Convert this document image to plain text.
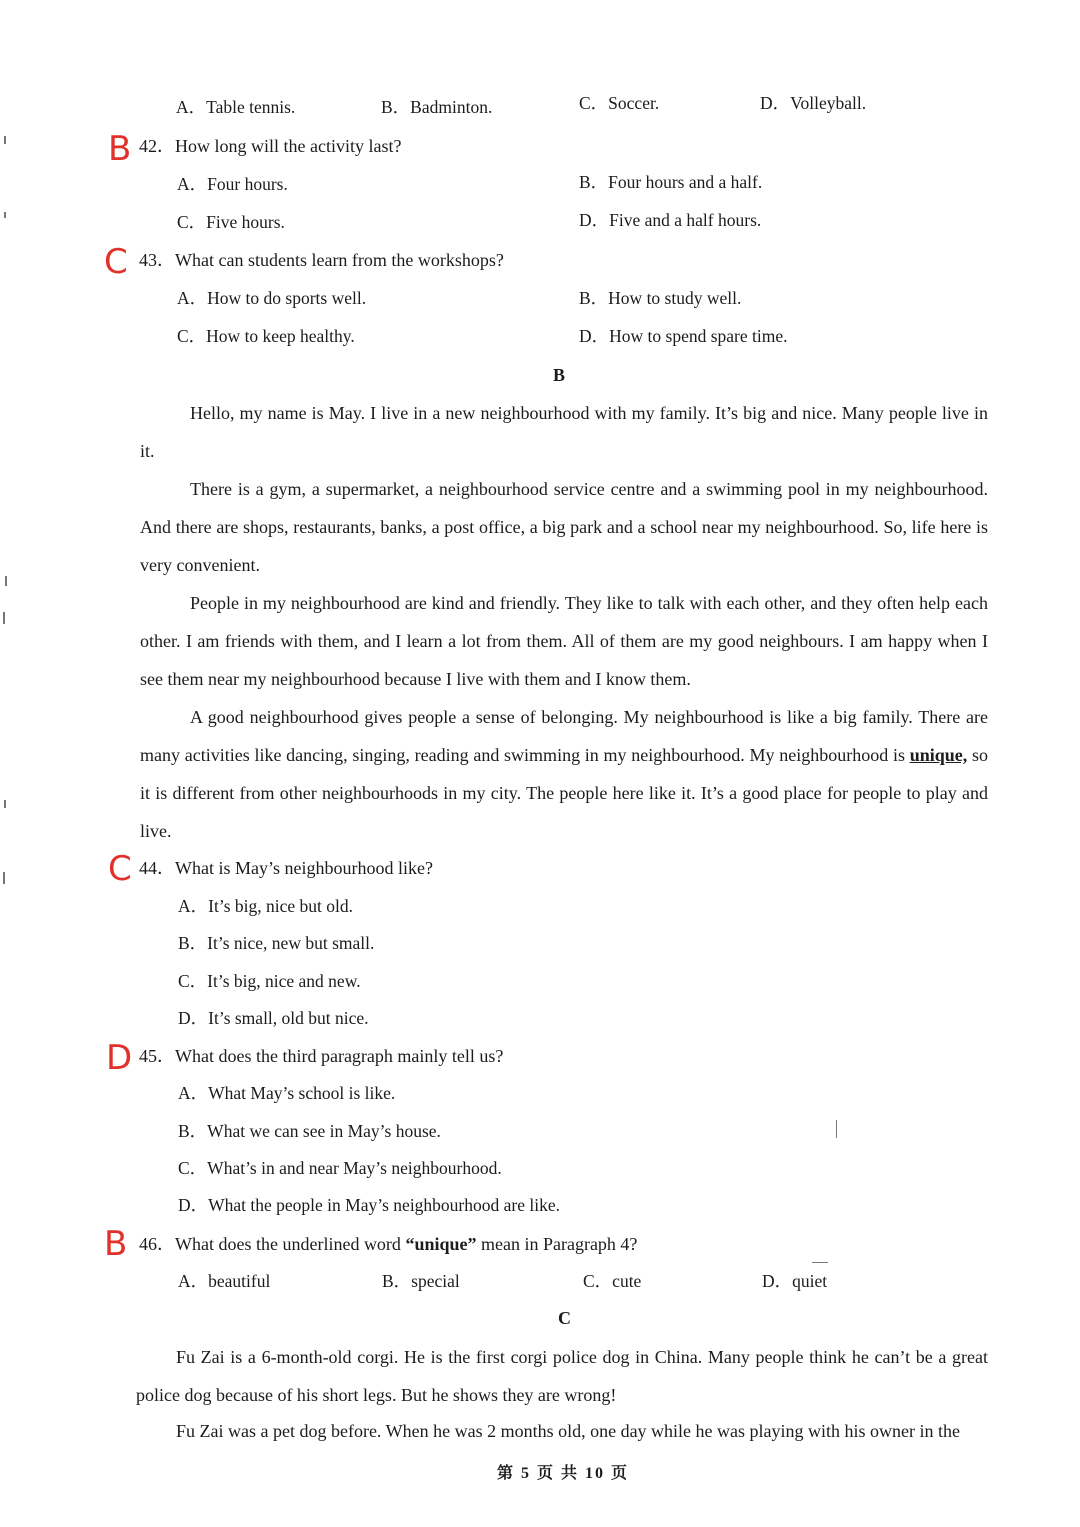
A．Table tennis.	B．Badminton.	C．Soccer.	D．Volleyball.
B 42．How long will the activity last?
A．Four hours.	B．Four hours and a half.
C．Five hours.	D．Five and a half hours.
C 43．What can students learn from the workshops?
A．How to do sports well.	B．How to study well.
C．How to keep healthy.	D．How to spend spare time.
B
Hello, my name is May. I live in a new neighbourhood with my family. It’s big and nice. Many people live in it.
There is a gym, a supermarket, a neighbourhood service centre and a swimming pool in my neighbourhood. And there are shops, restaurants, banks, a post office, a big park and a school near my neighbourhood. So, life here is very convenient.
People in my neighbourhood are kind and friendly. They like to talk with each other, and they often help each other. I am friends with them, and I learn a lot from them. All of them are my good neighbours. I am happy when I see them near my neighbourhood because I live with them and I know them.
A good neighbourhood gives people a sense of belonging. My neighbourhood is like a big family. There are many activities like dancing, singing, reading and swimming in my neighbourhood. My neighbourhood is unique, so it is different from other neighbourhoods in my city. The people here like it. It’s a good place for people to play and live.
C 44．What is May’s neighbourhood like?
A．It’s big, nice but old.
B．It’s nice, new but small.
C．It’s big, nice and new.
D．It’s small, old but nice.
D 45．What does the third paragraph mainly tell us?
A．What May’s school is like.
B．What we can see in May’s house.
C．What’s in and near May’s neighbourhood.
D．What the people in May’s neighbourhood are like.
B 46．What does the underlined word “unique” mean in Paragraph 4?
A．beautiful	B．special	C．cute	D．quiet
C
Fu Zai is a 6-month-old corgi. He is the first corgi police dog in China. Many people think he can’t be a great police dog because of his short legs. But he shows they are wrong!
Fu Zai was a pet dog before. When he was 2 months old, one day while he was playing with his owner in the
第 5 页 共 10 页
